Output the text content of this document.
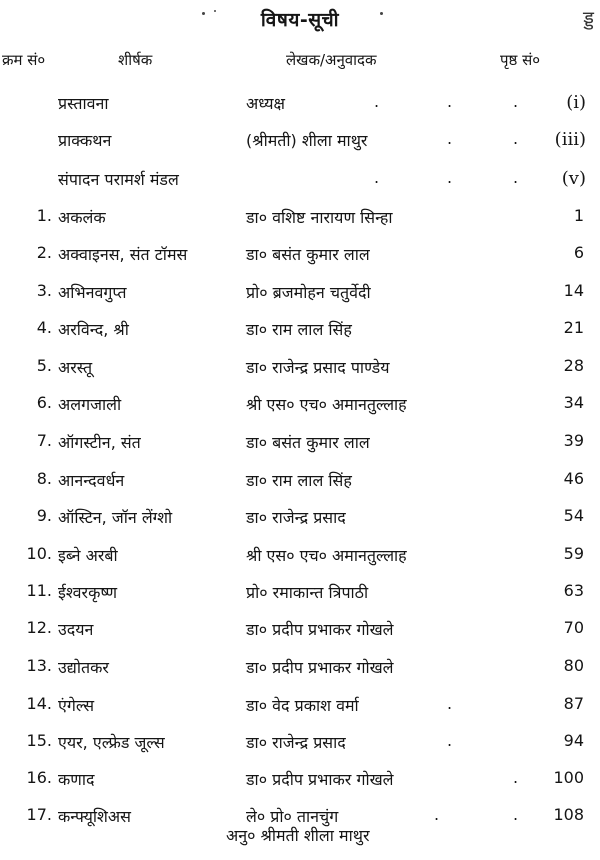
विषय-सूची	ड्ड
क्रम सं०	शीर्षक	लेखक/अनुवादक	पृष्ठ सं०
प्रस्तावना	अध्यक्ष	.	.	.	(i)
प्राक्कथन	(श्रीमती) शीला माथुर	.	. (iii)
संपादन परामर्श मंडल	.	.	. (v)
1. अकलंक	डा० वशिष्ट नारायण सिन्हा	1
2. अक्वाइनस, संत टॉमस	डा० बसंत कुमार लाल	6
3. अभिनवगुप्त	प्रो० ब्रजमोहन चतुर्वेदी	14
4. अरविन्द, श्री	डा० राम लाल सिंह	21
5. अरस्तू	डा० राजेन्द्र प्रसाद पाण्डेय	28
6. अलगजाली	श्री एस० एच० अमानतुल्लाह	34
7. ऑगस्टीन, संत	डा० बसंत कुमार लाल	39
8. आनन्दवर्धन	डा० राम लाल सिंह	46
9. ऑस्टिन, जॉन लेंग्शो	डा० राजेन्द्र प्रसाद	54
10. इब्ने अरबी	श्री एस० एच० अमानतुल्लाह	59
11. ईश्वरकृष्ण	प्रो० रमाकान्त त्रिपाठी	63
12. उदयन	डा० प्रदीप प्रभाकर गोखले	70
13. उद्योतकर	डा० प्रदीप प्रभाकर गोखले	80
14. एंगेल्स	डा० वेद प्रकाश वर्मा	.	87
15. एयर, एल्फ्रेड जूल्स	डा० राजेन्द्र प्रसाद	.	94
16. कणाद	डा० प्रदीप प्रभाकर गोखले	. 100
17. कन्फ्यूशिअस	ले० प्रो० तानचुंग	.	. 108
अनु० श्रीमती शीला माथुर
